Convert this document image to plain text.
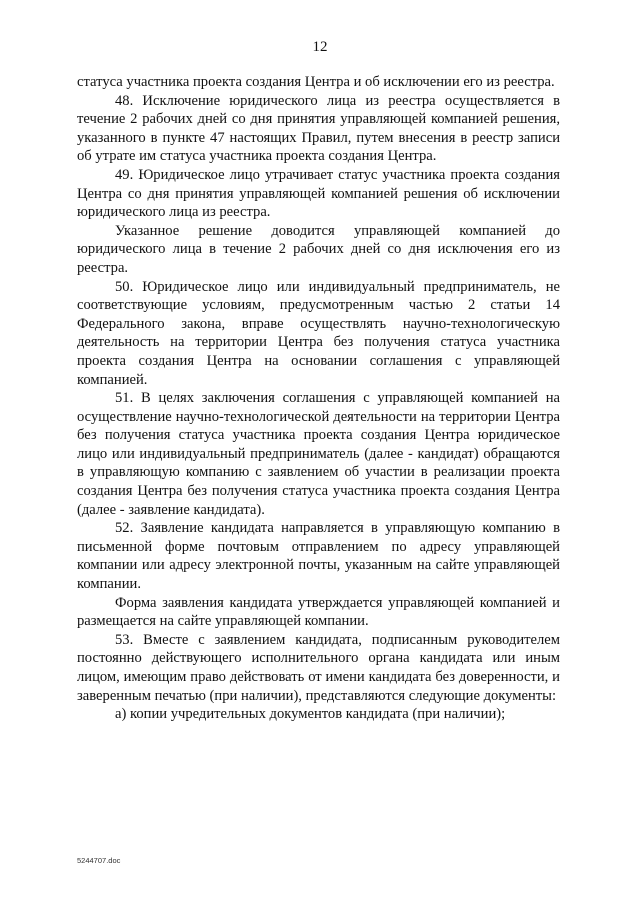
12

статуса участника проекта создания Центра и об исключении его из реестра.

48. Исключение юридического лица из реестра осуществляется в течение 2 рабочих дней со дня принятия управляющей компанией решения, указанного в пункте 47 настоящих Правил, путем внесения в реестр записи об утрате им статуса участника проекта создания Центра.

49. Юридическое лицо утрачивает статус участника проекта создания Центра со дня принятия управляющей компанией решения об исключении юридического лица из реестра.

Указанное решение доводится управляющей компанией до юридического лица в течение 2 рабочих дней со дня исключения его из реестра.

50. Юридическое лицо или индивидуальный предприниматель, не соответствующие условиям, предусмотренным частью 2 статьи 14 Федерального закона, вправе осуществлять научно-технологическую деятельность на территории Центра без получения статуса участника проекта создания Центра на основании соглашения с управляющей компанией.

51. В целях заключения соглашения с управляющей компанией на осуществление научно-технологической деятельности на территории Центра без получения статуса участника проекта создания Центра юридическое лицо или индивидуальный предприниматель (далее - кандидат) обращаются в управляющую компанию с заявлением об участии в реализации проекта создания Центра без получения статуса участника проекта создания Центра (далее - заявление кандидата).

52. Заявление кандидата направляется в управляющую компанию в письменной форме почтовым отправлением по адресу управляющей компании или адресу электронной почты, указанным на сайте управляющей компании.

Форма заявления кандидата утверждается управляющей компанией и размещается на сайте управляющей компании.

53. Вместе с заявлением кандидата, подписанным руководителем постоянно действующего исполнительного органа кандидата или иным лицом, имеющим право действовать от имени кандидата без доверенности, и заверенным печатью (при наличии), представляются следующие документы:

а) копии учредительных документов кандидата (при наличии);

5244707.doc
